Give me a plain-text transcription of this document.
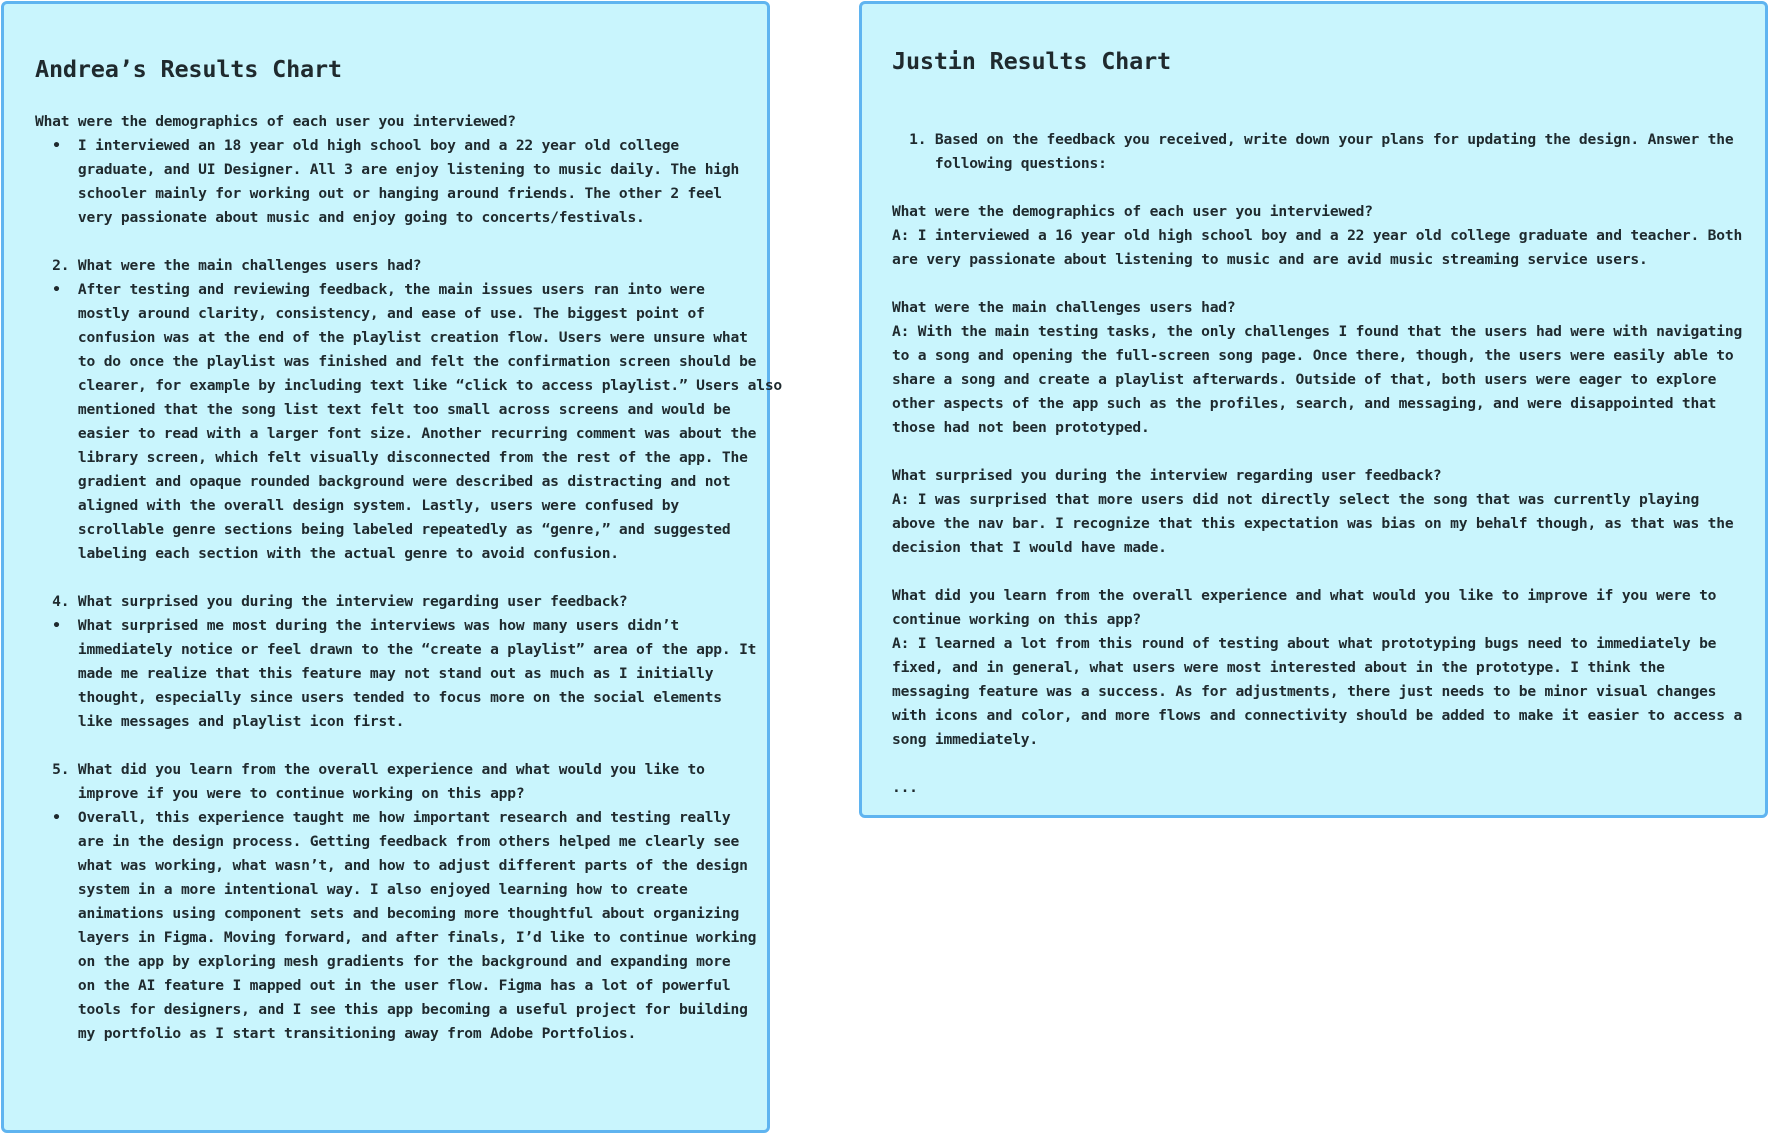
Andrea’s Results Chart
What were the demographics of each user you interviewed?
•  I interviewed an 18 year old high school boy and a 22 year old college
graduate, and UI Designer. All 3 are enjoy listening to music daily. The high
schooler mainly for working out or hanging around friends. The other 2 feel
very passionate about music and enjoy going to concerts/festivals.
2. What were the main challenges users had?
•  After testing and reviewing feedback, the main issues users ran into were
mostly around clarity, consistency, and ease of use. The biggest point of
confusion was at the end of the playlist creation flow. Users were unsure what
to do once the playlist was finished and felt the confirmation screen should be
clearer, for example by including text like “click to access playlist.” Users also
mentioned that the song list text felt too small across screens and would be
easier to read with a larger font size. Another recurring comment was about the
library screen, which felt visually disconnected from the rest of the app. The
gradient and opaque rounded background were described as distracting and not
aligned with the overall design system. Lastly, users were confused by
scrollable genre sections being labeled repeatedly as “genre,” and suggested
labeling each section with the actual genre to avoid confusion.
4. What surprised you during the interview regarding user feedback?
•  What surprised me most during the interviews was how many users didn’t
immediately notice or feel drawn to the “create a playlist” area of the app. It
made me realize that this feature may not stand out as much as I initially
thought, especially since users tended to focus more on the social elements
like messages and playlist icon first.
5. What did you learn from the overall experience and what would you like to
improve if you were to continue working on this app?
•  Overall, this experience taught me how important research and testing really
are in the design process. Getting feedback from others helped me clearly see
what was working, what wasn’t, and how to adjust different parts of the design
system in a more intentional way. I also enjoyed learning how to create
animations using component sets and becoming more thoughtful about organizing
layers in Figma. Moving forward, and after finals, I’d like to continue working
on the app by exploring mesh gradients for the background and expanding more
on the AI feature I mapped out in the user flow. Figma has a lot of powerful
tools for designers, and I see this app becoming a useful project for building
my portfolio as I start transitioning away from Adobe Portfolios.
Justin Results Chart
1. Based on the feedback you received, write down your plans for updating the design. Answer the
following questions:
What were the demographics of each user you interviewed?
A: I interviewed a 16 year old high school boy and a 22 year old college graduate and teacher. Both
are very passionate about listening to music and are avid music streaming service users.
What were the main challenges users had?
A: With the main testing tasks, the only challenges I found that the users had were with navigating
to a song and opening the full-screen song page. Once there, though, the users were easily able to
share a song and create a playlist afterwards. Outside of that, both users were eager to explore
other aspects of the app such as the profiles, search, and messaging, and were disappointed that
those had not been prototyped.
What surprised you during the interview regarding user feedback?
A: I was surprised that more users did not directly select the song that was currently playing
above the nav bar. I recognize that this expectation was bias on my behalf though, as that was the
decision that I would have made.
What did you learn from the overall experience and what would you like to improve if you were to
continue working on this app?
A: I learned a lot from this round of testing about what prototyping bugs need to immediately be
fixed, and in general, what users were most interested about in the prototype. I think the
messaging feature was a success. As for adjustments, there just needs to be minor visual changes
with icons and color, and more flows and connectivity should be added to make it easier to access a
song immediately.
...
